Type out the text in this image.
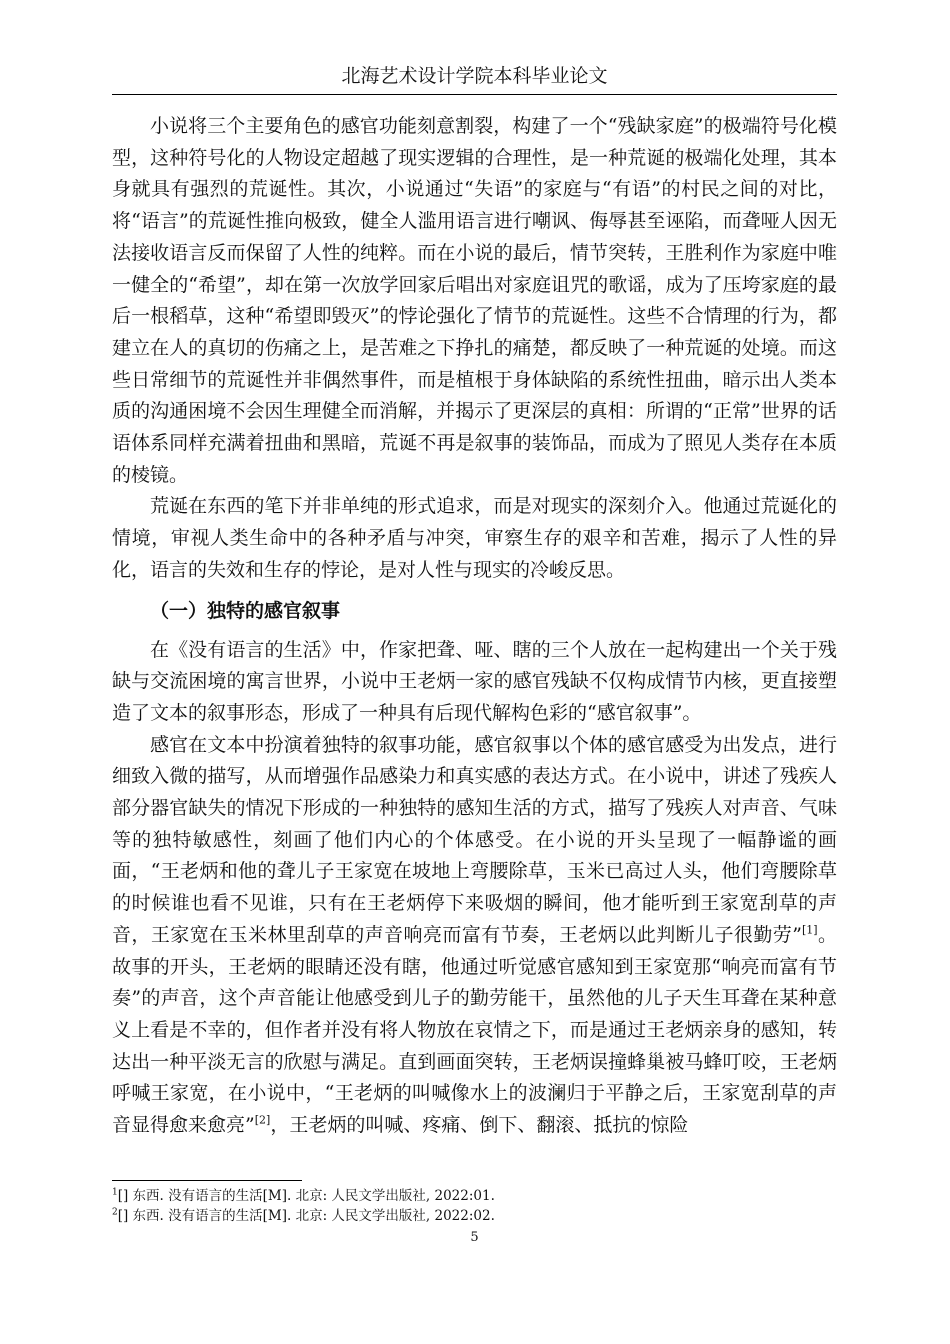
北海艺术设计学院本科毕业论文

小说将三个主要角色的感官功能刻意割裂，构建了一个“残缺家庭”的极端符号化模型，这种符号化的人物设定超越了现实逻辑的合理性，是一种荒诞的极端化处理，其本身就具有强烈的荒诞性。其次，小说通过“失语”的家庭与“有语”的村民之间的对比，将“语言”的荒诞性推向极致，健全人滥用语言进行嘲讽、侮辱甚至诬陷，而聋哑人因无法接收语言反而保留了人性的纯粹。而在小说的最后，情节突转，王胜利作为家庭中唯一健全的“希望”，却在第一次放学回家后唱出对家庭诅咒的歌谣，成为了压垮家庭的最后一根稻草，这种“希望即毁灭”的悖论强化了情节的荒诞性。这些不合情理的行为，都建立在人的真切的伤痛之上，是苦难之下挣扎的痛楚，都反映了一种荒诞的处境。而这些日常细节的荒诞性并非偶然事件，而是植根于身体缺陷的系统性扭曲，暗示出人类本质的沟通困境不会因生理健全而消解，并揭示了更深层的真相：所谓的“正常”世界的话语体系同样充满着扭曲和黑暗，荒诞不再是叙事的装饰品，而成为了照见人类存在本质的棱镜。

荒诞在东西的笔下并非单纯的形式追求，而是对现实的深刻介入。他通过荒诞化的情境，审视人类生命中的各种矛盾与冲突，审察生存的艰辛和苦难，揭示了人性的异化，语言的失效和生存的悖论，是对人性与现实的冷峻反思。

（一）独特的感官叙事

在《没有语言的生活》中，作家把聋、哑、瞎的三个人放在一起构建出一个关于残缺与交流困境的寓言世界，小说中王老炳一家的感官残缺不仅构成情节内核，更直接塑造了文本的叙事形态，形成了一种具有后现代解构色彩的“感官叙事”。

感官在文本中扮演着独特的叙事功能，感官叙事以个体的感官感受为出发点，进行细致入微的描写，从而增强作品感染力和真实感的表达方式。在小说中，讲述了残疾人部分器官缺失的情况下形成的一种独特的感知生活的方式，描写了残疾人对声音、气味等的独特敏感性，刻画了他们内心的个体感受。在小说的开头呈现了一幅静谧的画面，“王老炳和他的聋儿子王家宽在坡地上弯腰除草，玉米已高过人头，他们弯腰除草的时候谁也看不见谁，只有在王老炳停下来吸烟的瞬间，他才能听到王家宽刮草的声音，王家宽在玉米林里刮草的声音响亮而富有节奏，王老炳以此判断儿子很勤劳”[1]。故事的开头，王老炳的眼睛还没有瞎，他通过听觉感官感知到王家宽那“响亮而富有节奏”的声音，这个声音能让他感受到儿子的勤劳能干，虽然他的儿子天生耳聋在某种意义上看是不幸的，但作者并没有将人物放在哀情之下，而是通过王老炳亲身的感知，转达出一种平淡无言的欣慰与满足。直到画面突转，王老炳误撞蜂巢被马蜂叮咬，王老炳呼喊王家宽，在小说中，“王老炳的叫喊像水上的波澜归于平静之后，王家宽刮草的声音显得愈来愈亮”[2]，王老炳的叫喊、疼痛、倒下、翻滚、抵抗的惊险

$^1$[] 东西. 没有语言的生活[M]. 北京: 人民文学出版社, 2022:01.

$^2$[] 东西. 没有语言的生活[M]. 北京: 人民文学出版社, 2022:02.

5
